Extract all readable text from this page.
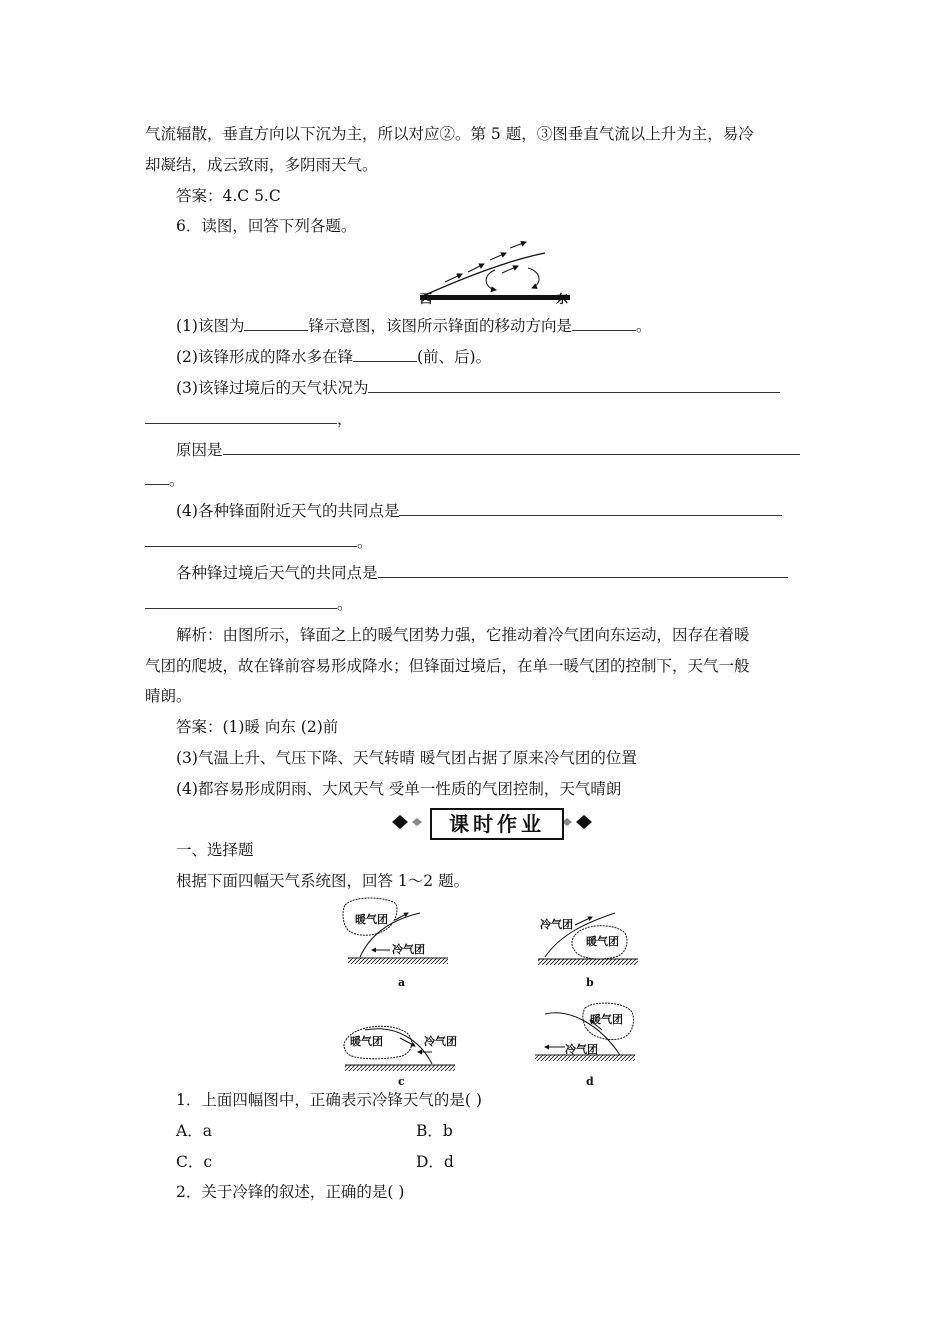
气流辐散，垂直方向以下沉为主，所以对应②。第 5 题，③图垂直气流以上升为主，易冷
却凝结，成云致雨，多阴雨天气。
答案：4.C 5.C
6．读图，回答下列各题。
西	东
(1)该图为	锋示意图，该图所示锋面的移动方向是	。
(2)该锋形成的降水多在锋	(前、后)。
(3)该锋过境后的天气状况为
，
原因是
。
(4)各种锋面附近天气的共同点是
。
各种锋过境后天气的共同点是
。
解析：由图所示，锋面之上的暖气团势力强，它推动着冷气团向东运动，因存在着暖
气团的爬坡，故在锋前容易形成降水；但锋面过境后，在单一暖气团的控制下，天气一般
晴朗。
答案：(1)暖 向东 (2)前
(3)气温上升、气压下降、天气转晴 暖气团占据了原来冷气团的位置
(4)都容易形成阴雨、大风天气 受单一性质的气团控制，天气晴朗
课时作业
一、选择题
根据下面四幅天气系统图，回答 1～2 题。
暖气团
冷气团
a
冷气团
暖气团
b
暖气团	冷气团
c
暖气团
冷气团
d
1．上面四幅图中，正确表示冷锋天气的是( )
A．a	B．b
C．c	D．d
2．关于冷锋的叙述，正确的是( )
